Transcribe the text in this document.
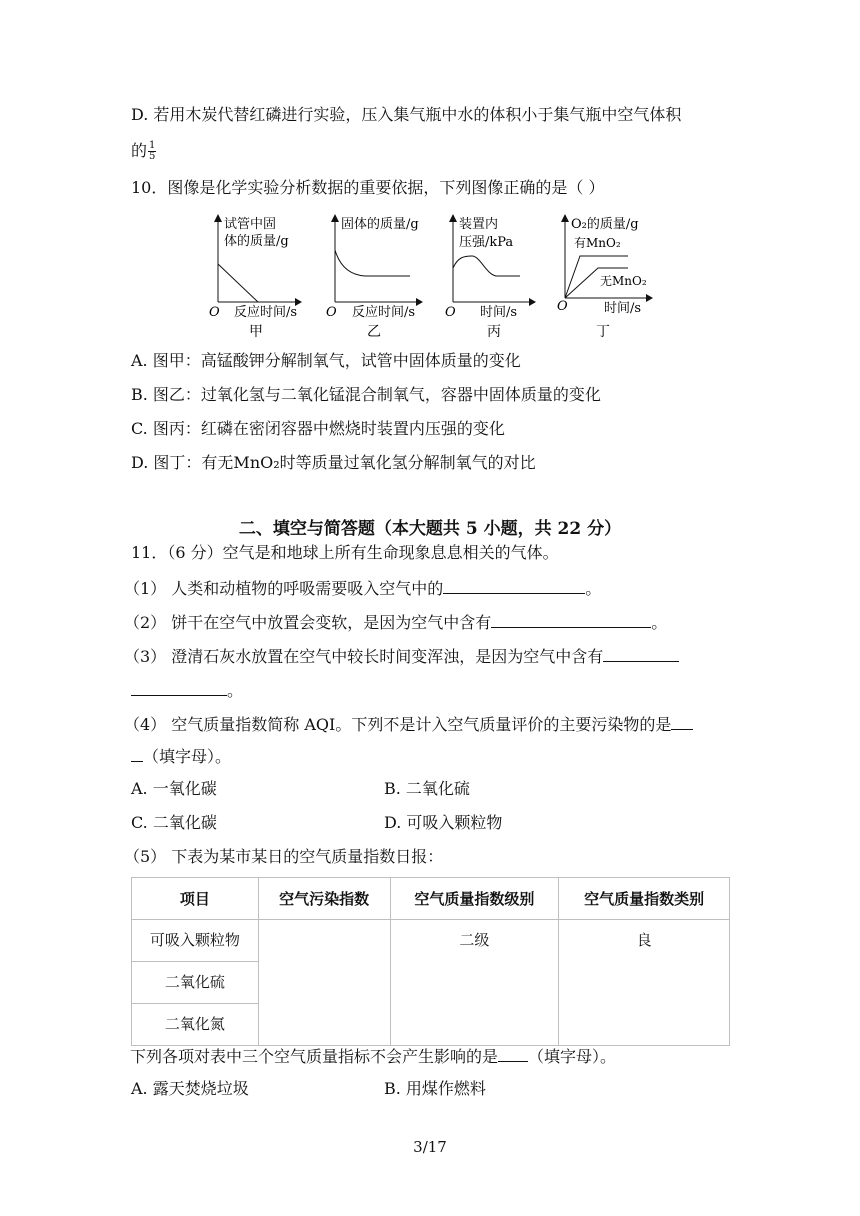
D. 若用木炭代替红磷进行实验，压入集气瓶中水的体积小于集气瓶中空气体积
的 $\frac{1}{5}$
10．图像是化学实验分析数据的重要依据，下列图像正确的是（ ）
试管中固
体的质量/g
O 反应时间/s
甲
固体的质量/g
O 反应时间/s
乙
装置内
压强/kPa
O 时间/s
丙
O₂的质量/g
有MnO₂
无MnO₂
O	时间/s
丁
A. 图甲：高锰酸钾分解制氧气，试管中固体质量的变化
B. 图乙：过氧化氢与二氧化锰混合制氧气，容器中固体质量的变化
C. 图丙：红磷在密闭容器中燃烧时装置内压强的变化
D. 图丁：有无MnO₂时等质量过氧化氢分解制氧气的对比
二、填空与简答题（本大题共 5 小题，共 22 分）
11．（6 分）空气是和地球上所有生命现象息息相关的气体。
（1） 人类和动植物的呼吸需要吸入空气中的	。
（2） 饼干在空气中放置会变软，是因为空气中含有	。
（3） 澄清石灰水放置在空气中较长时间变浑浊，是因为空气中含有
。
（4） 空气质量指数简称 AQI。下列不是计入空气质量评价的主要污染物的是
（填字母）。
A. 一氧化碳	B. 二氧化硫
C. 二氧化碳	D. 可吸入颗粒物
（5） 下表为某市某日的空气质量指数日报：
项目	空气污染指数	空气质量指数级别	空气质量指数类别
可吸入颗粒物		二级	良
二氧化硫			
二氧化氮			
下列各项对表中三个空气质量指标不会产生影响的是 （填字母）。
A. 露天焚烧垃圾	B. 用煤作燃料
3/17
